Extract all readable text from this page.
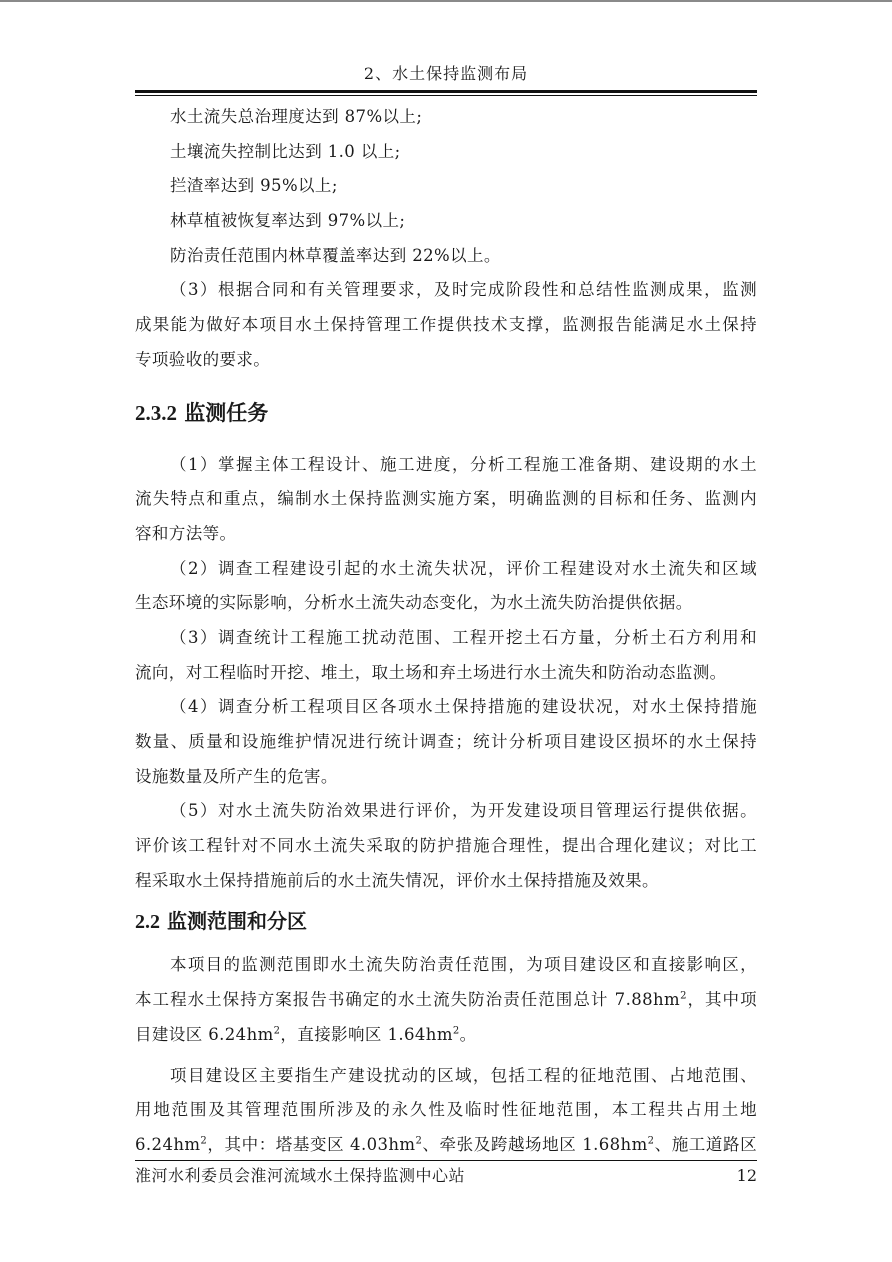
2、水土保持监测布局
水土流失总治理度达到 87%以上;
土壤流失控制比达到 1.0 以上;
拦渣率达到 95%以上;
林草植被恢复率达到 97%以上;
防治责任范围内林草覆盖率达到 22%以上。
（3）根据合同和有关管理要求，及时完成阶段性和总结性监测成果，监测
成果能为做好本项目水土保持管理工作提供技术支撑，监测报告能满足水土保持
专项验收的要求。
2.3.2 监测任务
（1）掌握主体工程设计、施工进度，分析工程施工准备期、建设期的水土
流失特点和重点，编制水土保持监测实施方案，明确监测的目标和任务、监测内
容和方法等。
（2）调查工程建设引起的水土流失状况，评价工程建设对水土流失和区域
生态环境的实际影响，分析水土流失动态变化，为水土流失防治提供依据。
（3）调查统计工程施工扰动范围、工程开挖土石方量，分析土石方利用和
流向，对工程临时开挖、堆土，取土场和弃土场进行水土流失和防治动态监测。
（4）调查分析工程项目区各项水土保持措施的建设状况，对水土保持措施
数量、质量和设施维护情况进行统计调查；统计分析项目建设区损坏的水土保持
设施数量及所产生的危害。
（5）对水土流失防治效果进行评价，为开发建设项目管理运行提供依据。
评价该工程针对不同水土流失采取的防护措施合理性，提出合理化建议；对比工
程采取水土保持措施前后的水土流失情况，评价水土保持措施及效果。
2.2 监测范围和分区
本项目的监测范围即水土流失防治责任范围，为项目建设区和直接影响区，
本工程水土保持方案报告书确定的水土流失防治责任范围总计 $7.88hm^2$，其中项
目建设区 $6.24hm^2$，直接影响区 $1.64hm^2$。
项目建设区主要指生产建设扰动的区域，包括工程的征地范围、占地范围、
用地范围及其管理范围所涉及的永久性及临时性征地范围，本工程共占用土地
$6.24hm^2$，其中：塔基变区 $4.03hm^2$、牵张及跨越场地区 $1.68hm^2$、施工道路区
淮河水利委员会淮河流域水土保持监测中心站	12
